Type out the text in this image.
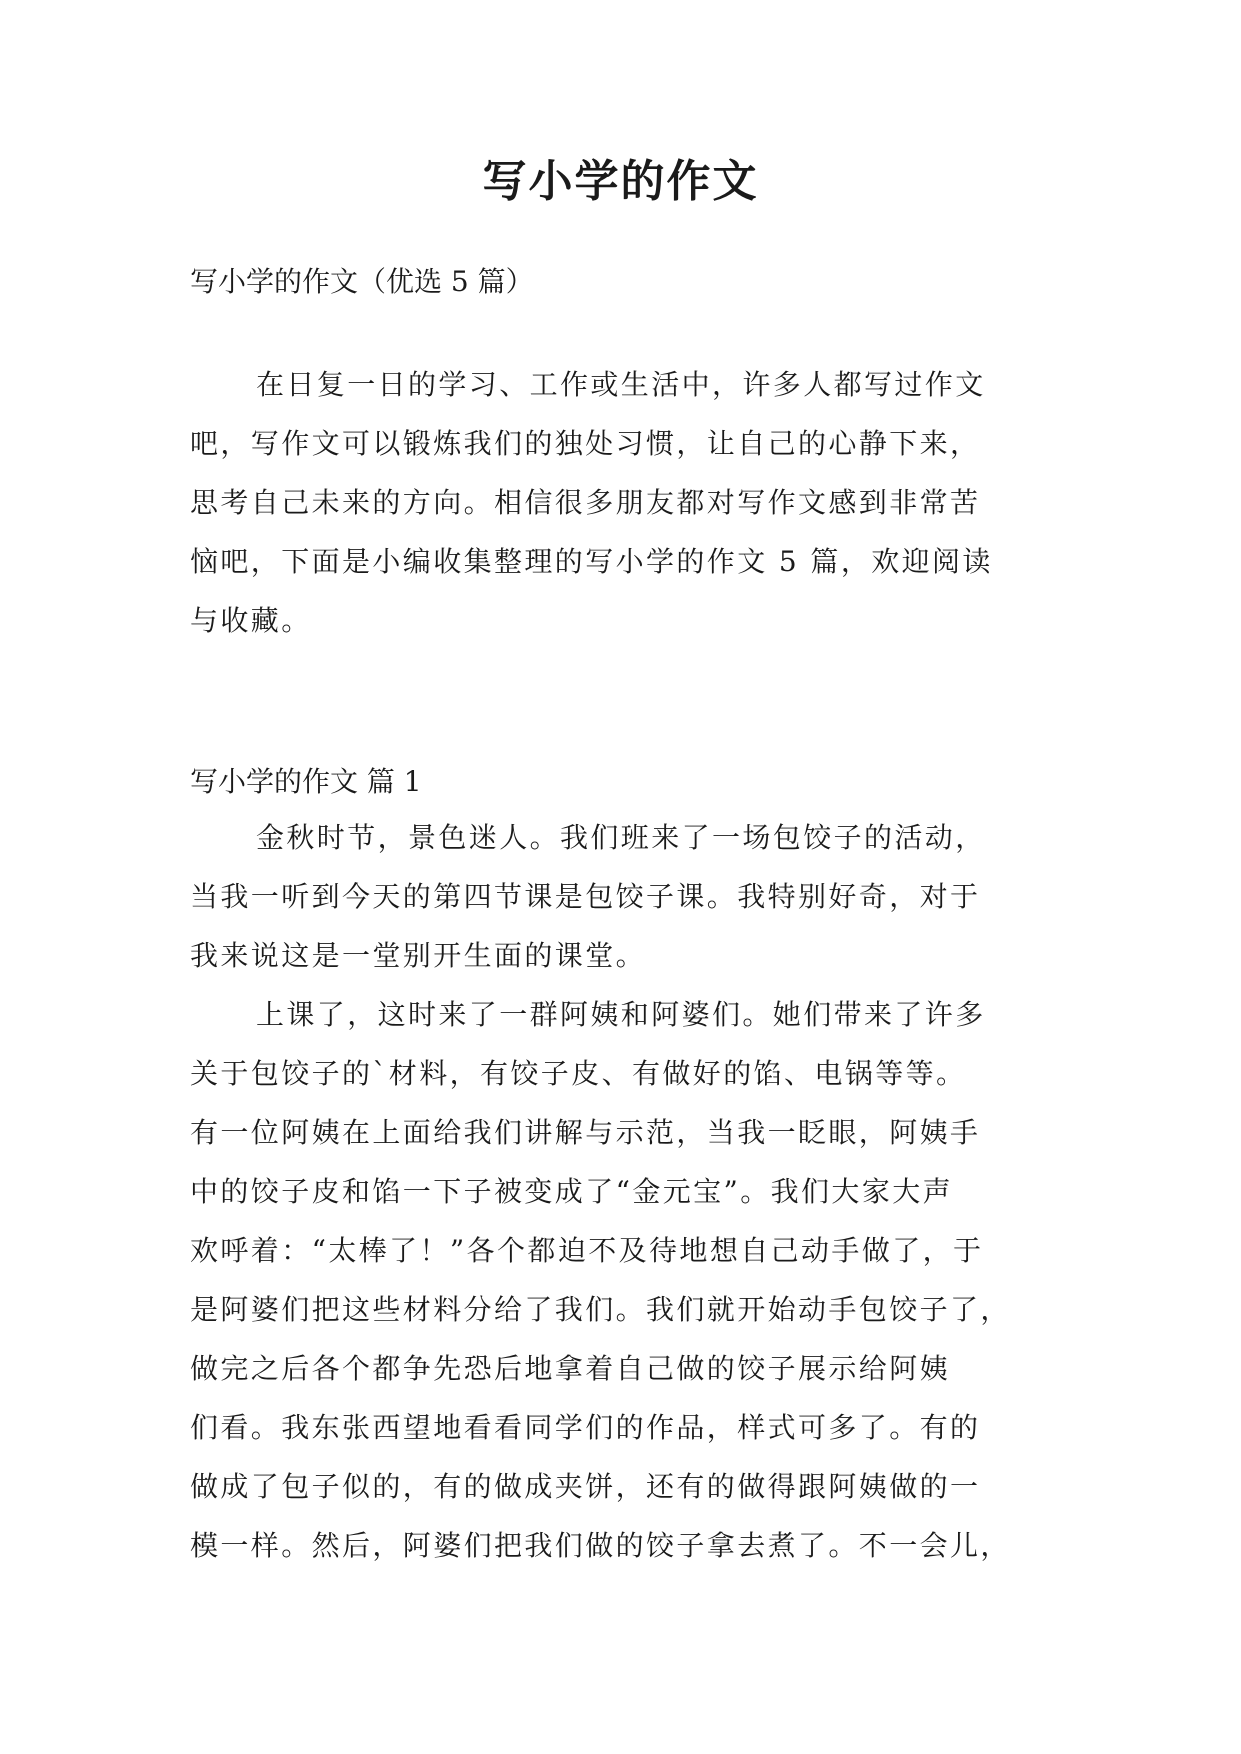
写小学的作文

写小学的作文（优选 5 篇）

在日复一日的学习、工作或生活中，许多人都写过作文
吧，写作文可以锻炼我们的独处习惯，让自己的心静下来，
思考自己未来的方向。相信很多朋友都对写作文感到非常苦
恼吧，下面是小编收集整理的写小学的作文 5 篇，欢迎阅读
与收藏。

写小学的作文 篇 1

金秋时节，景色迷人。我们班来了一场包饺子的活动，
当我一听到今天的第四节课是包饺子课。我特别好奇，对于
我来说这是一堂别开生面的课堂。
上课了，这时来了一群阿姨和阿婆们。她们带来了许多
关于包饺子的`材料，有饺子皮、有做好的馅、电锅等等。
有一位阿姨在上面给我们讲解与示范，当我一眨眼，阿姨手
中的饺子皮和馅一下子被变成了“金元宝”。我们大家大声
欢呼着：“太棒了！”各个都迫不及待地想自己动手做了，于
是阿婆们把这些材料分给了我们。我们就开始动手包饺子了，
做完之后各个都争先恐后地拿着自己做的饺子展示给阿姨
们看。我东张西望地看看同学们的作品，样式可多了。有的
做成了包子似的，有的做成夹饼，还有的做得跟阿姨做的一
模一样。然后，阿婆们把我们做的饺子拿去煮了。不一会儿，
